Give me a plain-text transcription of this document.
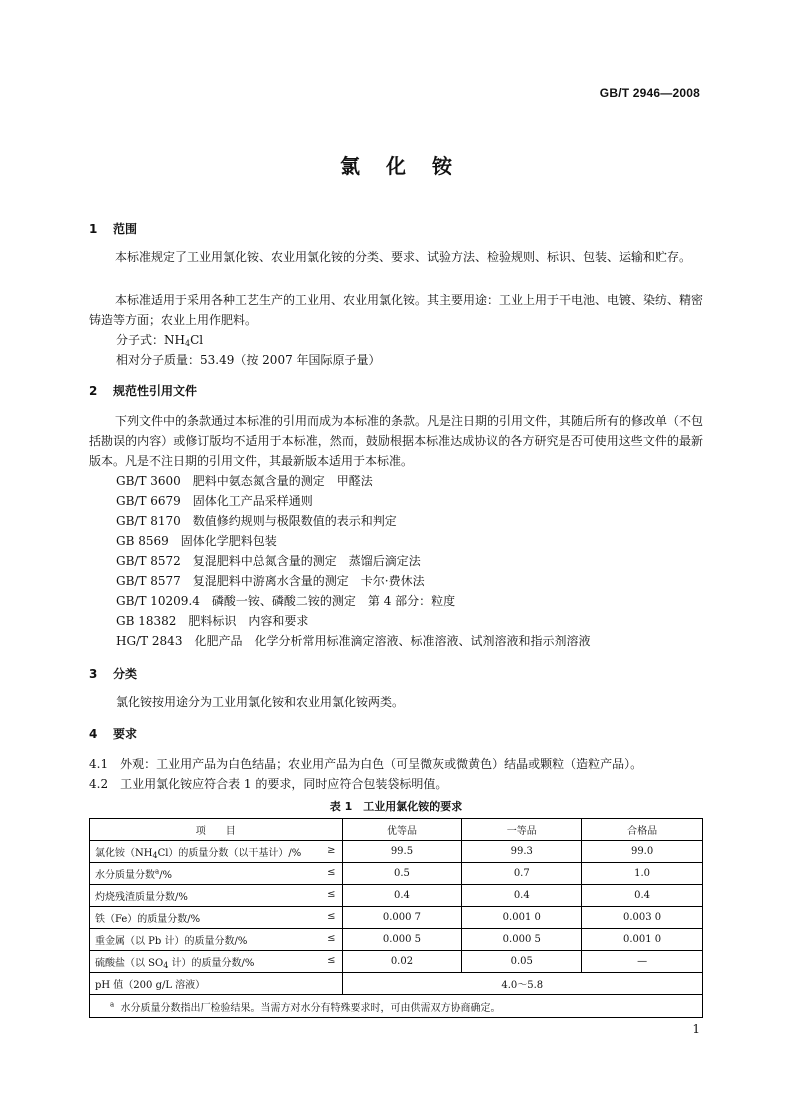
GB/T 2946—2008
氯化铵
1 范围
本标准规定了工业用氯化铵、农业用氯化铵的分类、要求、试验方法、检验规则、标识、包装、运输和贮存。
本标准适用于采用各种工艺生产的工业用、农业用氯化铵。其主要用途：工业上用于干电池、电镀、染纺、精密铸造等方面；农业上用作肥料。
分子式：$NH_4Cl$
相对分子质量：53.49（按 2007 年国际原子量）
2 规范性引用文件
下列文件中的条款通过本标准的引用而成为本标准的条款。凡是注日期的引用文件，其随后所有的修改单（不包括勘误的内容）或修订版均不适用于本标准，然而，鼓励根据本标准达成协议的各方研究是否可使用这些文件的最新版本。凡是不注日期的引用文件，其最新版本适用于本标准。
GB/T 3600　肥料中氨态氮含量的测定　甲醛法
GB/T 6679　固体化工产品采样通则
GB/T 8170　数值修约规则与极限数值的表示和判定
GB 8569　固体化学肥料包装
GB/T 8572　复混肥料中总氮含量的测定　蒸馏后滴定法
GB/T 8577　复混肥料中游离水含量的测定　卡尔·费休法
GB/T 10209.4　磷酸一铵、磷酸二铵的测定　第 4 部分：粒度
GB 18382　肥料标识　内容和要求
HG/T 2843　化肥产品　化学分析常用标准滴定溶液、标准溶液、试剂溶液和指示剂溶液
3 分类
氯化铵按用途分为工业用氯化铵和农业用氯化铵两类。
4 要求
4.1　外观：工业用产品为白色结晶；农业用产品为白色（可呈微灰或微黄色）结晶或颗粒（造粒产品）。
4.2　工业用氯化铵应符合表 1 的要求，同时应符合包装袋标明值。
表 1　工业用氯化铵的要求
项　　目	优等品	一等品	合格品
氯化铵$(NH_4Cl)$的质量分数（以干基计）/% ≥	99.5	99.3	99.0
水分质量分数$^a$/% ≤	0.5	0.7	1.0
灼烧残渣质量分数/% ≤	0.4	0.4	0.4
铁（Fe）的质量分数/% ≤	0.000 7	0.001 0	0.003 0
重金属（以 Pb 计）的质量分数/% ≤	0.000 5	0.000 5	0.001 0
硫酸盐（以 $SO_4$ 计）的质量分数/% ≤	0.02	0.05	—
pH 值（200 g/L 溶液）	4.0～5.8		
$^a$ 水分质量分数指出厂检验结果。当需方对水分有特殊要求时，可由供需双方协商确定。			
1
